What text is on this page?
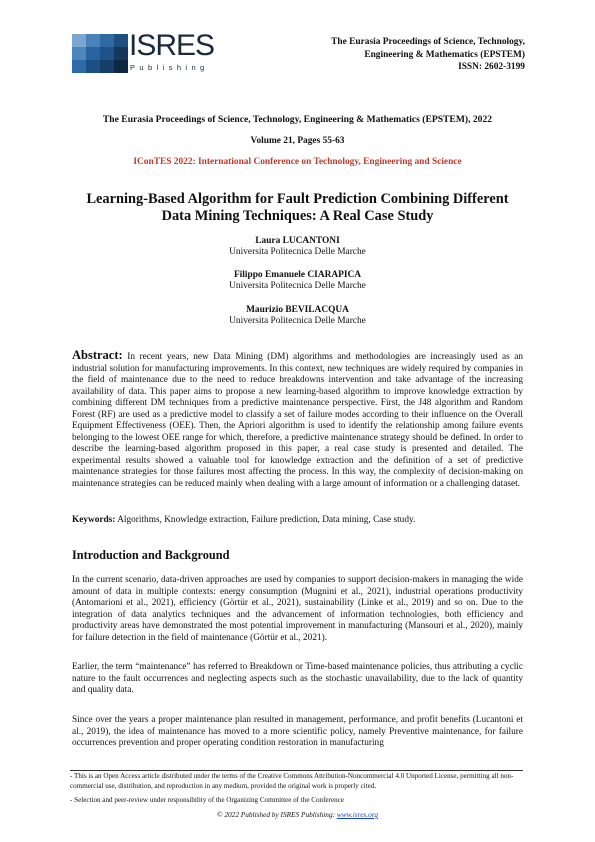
ISRES
Publishing
The Eurasia Proceedings of Science, Technology,
Engineering & Mathematics (EPSTEM)
ISSN: 2602-3199
The Eurasia Proceedings of Science, Technology, Engineering & Mathematics (EPSTEM), 2022
Volume 21, Pages 55-63
IConTES 2022: International Conference on Technology, Engineering and Science
Learning-Based Algorithm for Fault Prediction Combining Different Data Mining Techniques: A Real Case Study
Laura LUCANTONI
Universita Politecnica Delle Marche
Filippo Emanuele CIARAPICA
Universita Politecnica Delle Marche
Maurizio BEVILACQUA
Universita Politecnica Delle Marche
Abstract: In recent years, new Data Mining (DM) algorithms and methodologies are increasingly used as an industrial solution for manufacturing improvements. In this context, new techniques are widely required by companies in the field of maintenance due to the need to reduce breakdowns intervention and take advantage of the increasing availability of data. This paper aims to propose a new learning-based algorithm to improve knowledge extraction by combining different DM techniques from a predictive maintenance perspective. First, the J48 algorithm and Random Forest (RF) are used as a predictive model to classify a set of failure modes according to their influence on the Overall Equipment Effectiveness (OEE). Then, the Apriori algorithm is used to identify the relationship among failure events belonging to the lowest OEE range for which, therefore, a predictive maintenance strategy should be defined. In order to describe the learning-based algorithm proposed in this paper, a real case study is presented and detailed. The experimental results showed a valuable tool for knowledge extraction and the definition of a set of predictive maintenance strategies for those failures most affecting the process. In this way, the complexity of decision-making on maintenance strategies can be reduced mainly when dealing with a large amount of information or a challenging dataset.
Keywords: Algorithms, Knowledge extraction, Failure prediction, Data mining, Case study.
Introduction and Background
In the current scenario, data-driven approaches are used by companies to support decision-makers in managing the wide amount of data in multiple contexts: energy consumption (Mugnini et al., 2021), industrial operations productivity (Antomarioni et al., 2021), efficiency (Görtür et al., 2021), sustainability (Linke et al., 2019) and so on. Due to the integration of data analytics techniques and the advancement of information technologies, both efficiency and productivity areas have demonstrated the most potential improvement in manufacturing (Mansouri et al., 2020), mainly for failure detection in the field of maintenance (Görtür et al., 2021).
Earlier, the term “maintenance” has referred to Breakdown or Time-based maintenance policies, thus attributing a cyclic nature to the fault occurrences and neglecting aspects such as the stochastic unavailability, due to the lack of quantity and quality data.
Since over the years a proper maintenance plan resulted in management, performance, and profit benefits (Lucantoni et al., 2019), the idea of maintenance has moved to a more scientific policy, namely Preventive maintenance, for failure occurrences prevention and proper operating condition restoration in manufacturing
- This is an Open Access article distributed under the terms of the Creative Commons Attribution-Noncommercial 4.0 Unported License, permitting all non-commercial use, distribution, and reproduction in any medium, provided the original work is properly cited.
- Selection and peer-review under responsibility of the Organizing Committee of the Conference
© 2022 Published by ISRES Publishing: www.isres.org
